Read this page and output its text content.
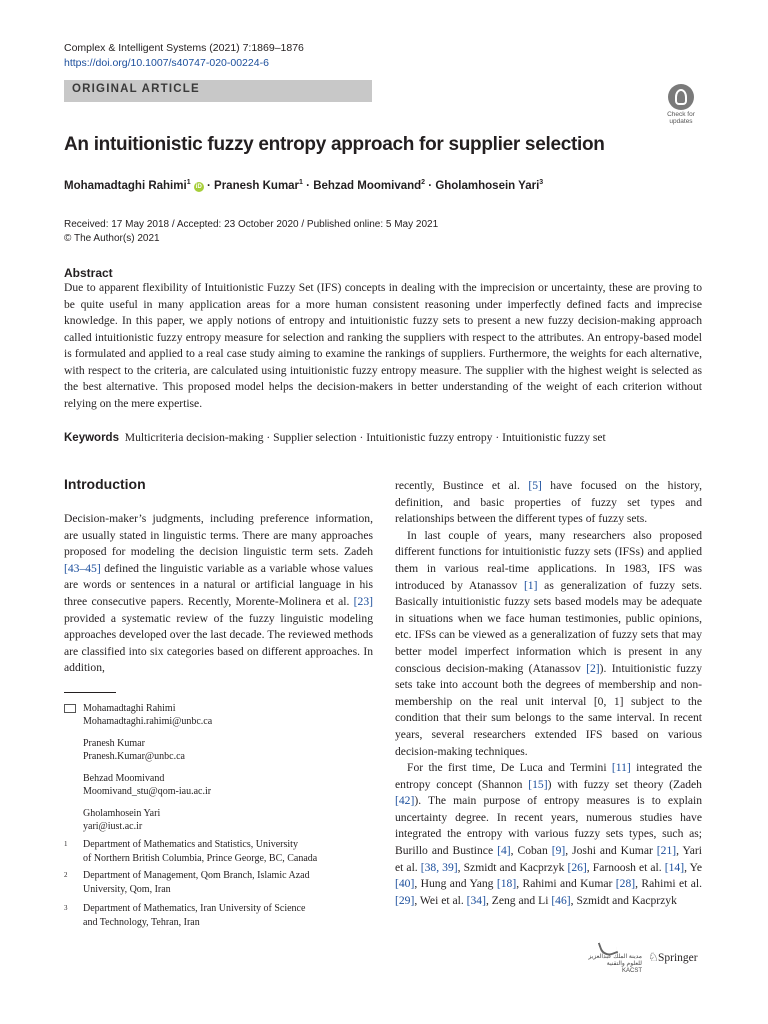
Complex & Intelligent Systems (2021) 7:1869–1876
https://doi.org/10.1007/s40747-020-00224-6
ORIGINAL ARTICLE
Check for updates
An intuitionistic fuzzy entropy approach for supplier selection
Mohamadtaghi Rahimi$^1$ iD · Pranesh Kumar$^1$ · Behzad Moomivand$^2$ · Gholamhosein Yari$^3$
Received: 17 May 2018 / Accepted: 23 October 2020 / Published online: 5 May 2021
© The Author(s) 2021
Abstract
Due to apparent flexibility of Intuitionistic Fuzzy Set (IFS) concepts in dealing with the imprecision or uncertainty, these are proving to be quite useful in many application areas for a more human consistent reasoning under imperfectly defined facts and imprecise knowledge. In this paper, we apply notions of entropy and intuitionistic fuzzy sets to present a new fuzzy decision-making approach called intuitionistic fuzzy entropy measure for selection and ranking the suppliers with respect to the attributes. An entropy-based model is formulated and applied to a real case study aiming to examine the rankings of suppliers. Furthermore, the weights for each alternative, with respect to the criteria, are calculated using intuitionistic fuzzy entropy measure. The supplier with the highest weight is selected as the best alternative. This proposed model helps the decision-makers in better understanding of the weight of each criterion without relying on the mere expertise.
Keywords Multicriteria decision-making · Supplier selection · Intuitionistic fuzzy entropy · Intuitionistic fuzzy set
Introduction
Decision-maker’s judgments, including preference information, are usually stated in linguistic terms. There are many approaches proposed for modeling the decision linguistic term sets. Zadeh [43–45] defined the linguistic variable as a variable whose values are words or sentences in a natural or artificial language in his three consecutive papers. Recently, Morente-Molinera et al. [23] provided a systematic review of the fuzzy linguistic modeling approaches developed over the last decade. The reviewed methods are classified into six categories based on different approaches. In addition,

recently, Bustince et al. [5] have focused on the history, definition, and basic properties of fuzzy set types and relationships between the different types of fuzzy sets.

In last couple of years, many researchers also proposed different functions for intuitionistic fuzzy sets (IFSs) and applied them in various real-time applications. In 1983, IFS was introduced by Atanassov [1] as generalization of fuzzy sets. Basically intuitionistic fuzzy sets based models may be adequate in situations when we face human testimonies, public opinions, etc. IFSs can be viewed as a generalization of fuzzy sets that may better model imperfect information which is present in any conscious decision-making (Atanassov [2]). Intuitionistic fuzzy sets take into account both the degrees of membership and non-membership on the real unit interval [0, 1] subject to the condition that their sum belongs to the same interval. In recent years, several researchers extended IFS based on various decision-making techniques.

For the first time, De Luca and Termini [11] integrated the entropy concept (Shannon [15]) with fuzzy set theory (Zadeh [42]). The main purpose of entropy measures is to explain uncertainty degree. In recent years, numerous studies have integrated the entropy with various fuzzy sets types, such as; Burillo and Bustince [4], Coban [9], Joshi and Kumar [21], Yari et al. [38, 39], Szmidt and Kacprzyk [26], Farnoosh et al. [14], Ye [40], Hung and Yang [18], Rahimi and Kumar [28], Rahimi et al. [29], Wei et al. [34], Zeng and Li [46], Szmidt and Kacprzyk

Mohamadtaghi Rahimi
Mohamadtaghi.rahimi@unbc.ca
Pranesh Kumar
Pranesh.Kumar@unbc.ca
Behzad Moomivand
Moomivand_stu@qom-iau.ac.ir
Gholamhosein Yari
yari@iust.ac.ir
1 Department of Mathematics and Statistics, University
of Northern British Columbia, Prince George, BC, Canada
2 Department of Management, Qom Branch, Islamic Azad
University, Qom, Iran
3 Department of Mathematics, Iran University of Science
and Technology, Tehran, Iran
مدينة الملك عبدالعزيز للعلوم والتقنية
KACST
♘ Springer
